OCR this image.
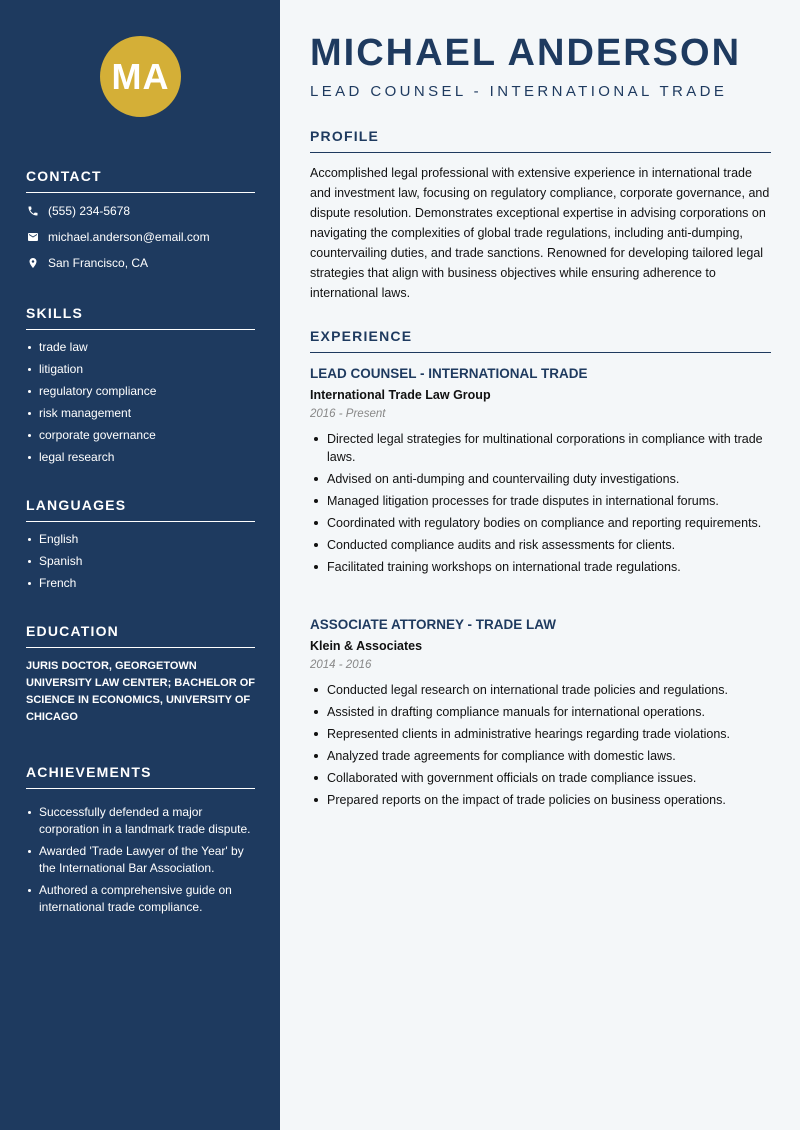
MA
CONTACT
(555) 234-5678
michael.anderson@email.com
San Francisco, CA
SKILLS
trade law
litigation
regulatory compliance
risk management
corporate governance
legal research
LANGUAGES
English
Spanish
French
EDUCATION
JURIS DOCTOR, GEORGETOWN UNIVERSITY LAW CENTER; BACHELOR OF SCIENCE IN ECONOMICS, UNIVERSITY OF CHICAGO
ACHIEVEMENTS
Successfully defended a major corporation in a landmark trade dispute.
Awarded 'Trade Lawyer of the Year' by the International Bar Association.
Authored a comprehensive guide on international trade compliance.
MICHAEL ANDERSON
LEAD COUNSEL - INTERNATIONAL TRADE
PROFILE
Accomplished legal professional with extensive experience in international trade and investment law, focusing on regulatory compliance, corporate governance, and dispute resolution. Demonstrates exceptional expertise in advising corporations on navigating the complexities of global trade regulations, including anti-dumping, countervailing duties, and trade sanctions. Renowned for developing tailored legal strategies that align with business objectives while ensuring adherence to international laws.
EXPERIENCE
LEAD COUNSEL - INTERNATIONAL TRADE
International Trade Law Group
2016 - Present
Directed legal strategies for multinational corporations in compliance with trade laws.
Advised on anti-dumping and countervailing duty investigations.
Managed litigation processes for trade disputes in international forums.
Coordinated with regulatory bodies on compliance and reporting requirements.
Conducted compliance audits and risk assessments for clients.
Facilitated training workshops on international trade regulations.
ASSOCIATE ATTORNEY - TRADE LAW
Klein & Associates
2014 - 2016
Conducted legal research on international trade policies and regulations.
Assisted in drafting compliance manuals for international operations.
Represented clients in administrative hearings regarding trade violations.
Analyzed trade agreements for compliance with domestic laws.
Collaborated with government officials on trade compliance issues.
Prepared reports on the impact of trade policies on business operations.
